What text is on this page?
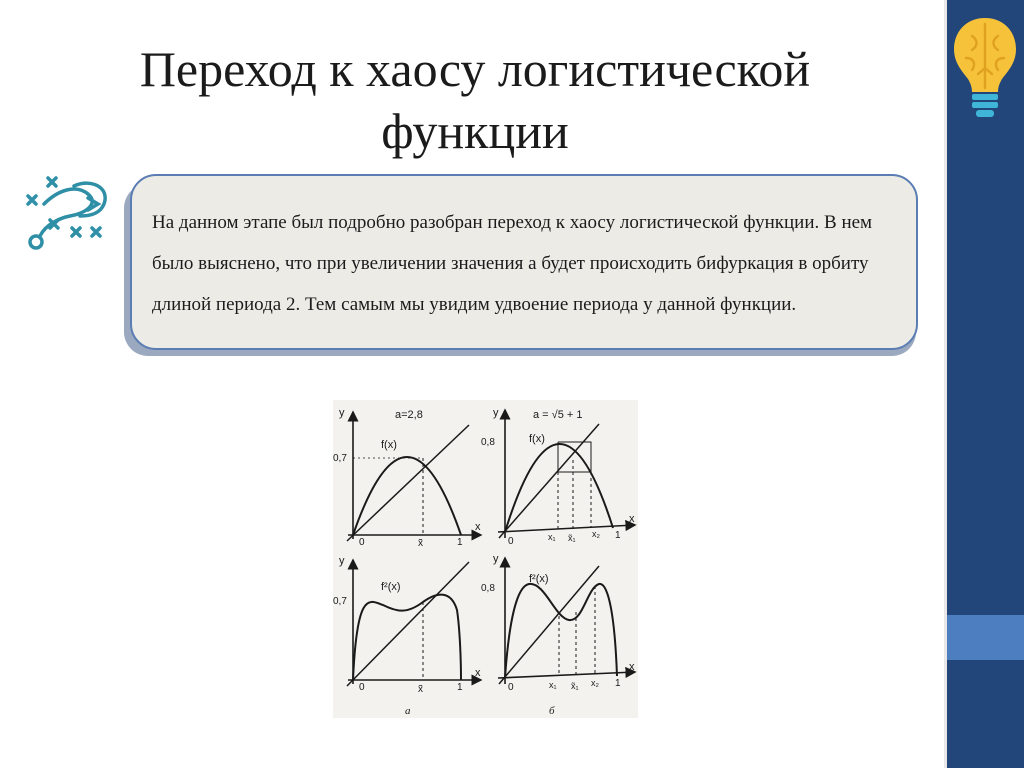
Переход к хаосу логистической функции

На данном этапе был подробно разобран переход к хаосу логистической функции. В нем было выяснено, что при увеличении значения a будет происходить бифуркация в орбиту длиной периода 2. Тем самым мы увидим удвоение периода у данной функции.

y
x
0	1
a=2,8
f(x)
0,7
x̃
y
x
0
1
a = √5 + 1
f(x)
0,8
x₁ x̃₁ x₂
y
x
0	1
f²(x)
0,7
x̃
y
x
0	1
f²(x)
0,8
x₁ x̃₁ x₂
а	б
